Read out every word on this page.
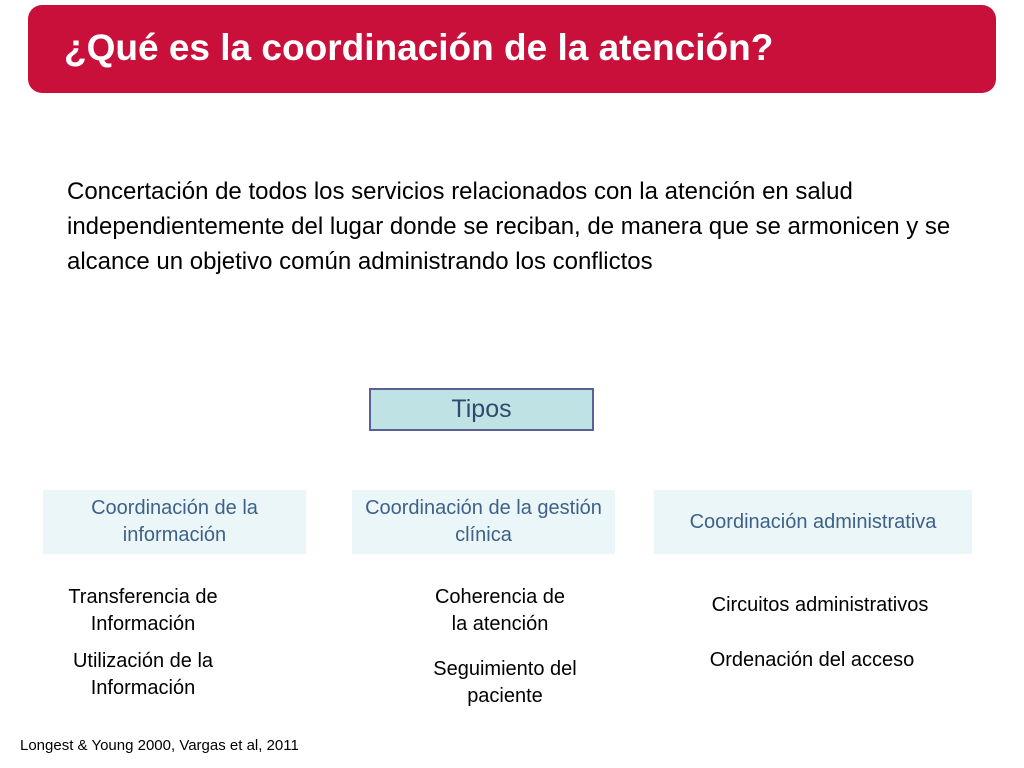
¿Qué es la coordinación de la atención?
Concertación de todos los servicios relacionados con la atención en salud independientemente del lugar donde se reciban, de manera que se armonicen y se alcance un objetivo común administrando los conflictos
Tipos
Coordinación de la información
Coordinación de la gestión clínica
Coordinación administrativa
Transferencia de
Información
Utilización de la
Información
Coherencia de
la atención
Seguimiento del
paciente
Circuitos administrativos
Ordenación del acceso
Longest & Young 2000, Vargas et al, 2011
